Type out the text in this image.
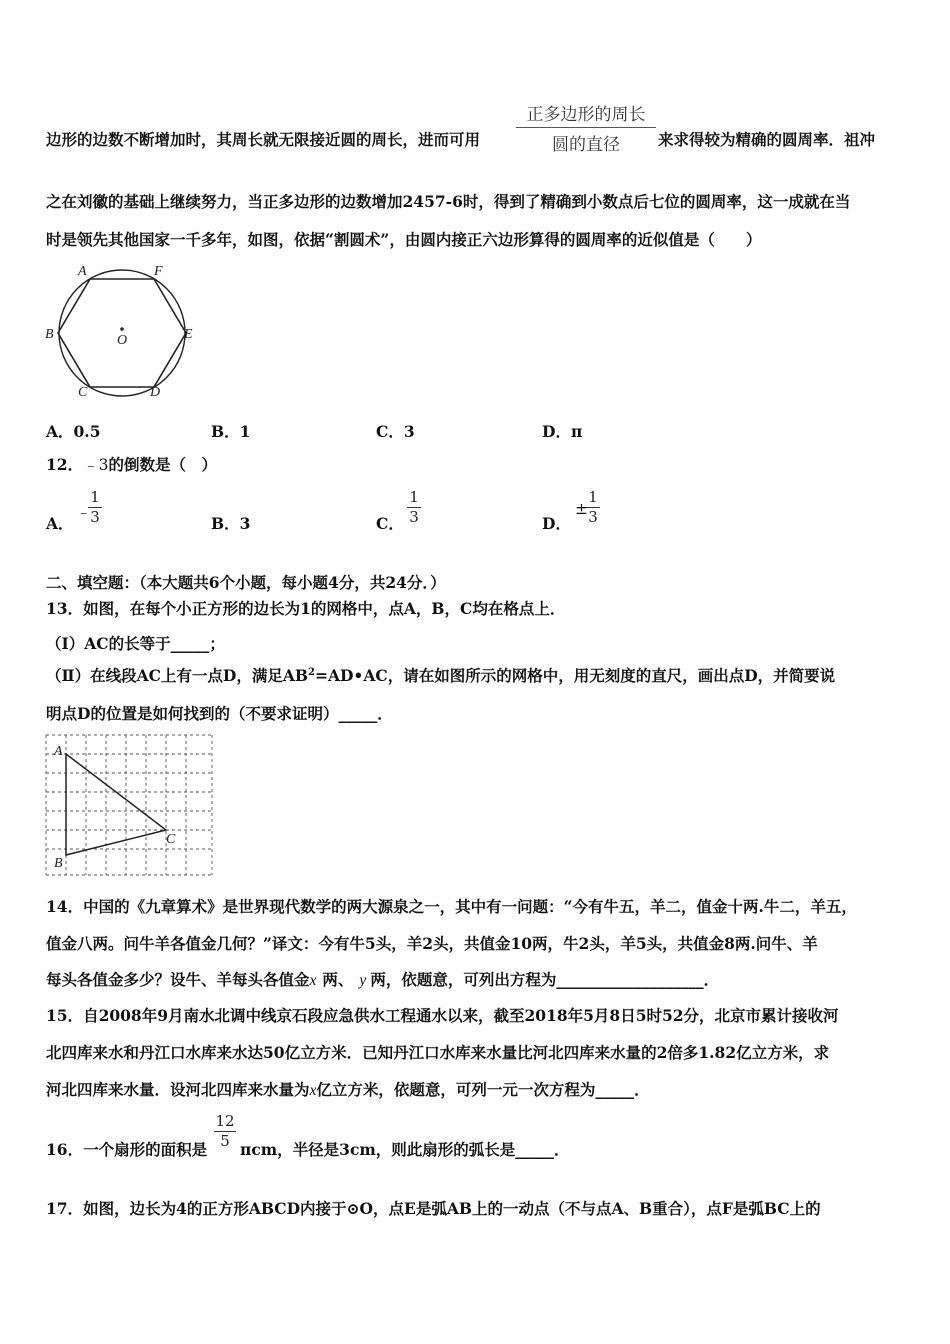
正多边形的周长
圆的直径
边形的边数不断增加时，其周长就无限接近圆的周长，进而可用	来求得较为精确的圆周率．祖冲
之在刘徽的基础上继续努力，当正多边形的边数增加2457-6时，得到了精确到小数点后七位的圆周率，这一成就在当
时是领先其他国家一千多年，如图，依据“割圆术”，由圆内接正六边形算得的圆周率的近似值是（　　）
A	F
B	E
O
C	D
A．0.5	B．1	C．3	D．π
12．﹣3的倒数是（　）
A．
﹣
$\frac{1}{3}$	B．3	C． $\frac{1}{3}$	D．
±
$\frac{1}{3}$
二、填空题：（本大题共6个小题，每小题4分，共24分．）
13．如图，在每个小正方形的边长为1的网格中，点A，B，C均在格点上．
（Ⅰ）AC的长等于_____；
（Ⅱ）在线段AC上有一点D，满足$AB^2=AD•AC$，请在如图所示的网格中，用无刻度的直尺，画出点D，并简要说
明点D的位置是如何找到的（不要求证明）_____．
A
B
C
14．中国的《九章算术》是世界现代数学的两大源泉之一，其中有一问题：“今有牛五，羊二，值金十两.牛二，羊五，
值金八两。问牛羊各值金几何？”译文：今有牛5头，羊2头，共值金10两，牛2头，羊5头，共值金8两.问牛、羊
每头各值金多少？设牛、羊每头各值金x 两、 y 两，依题意，可列出方程为___________________．
15．自2008年9月南水北调中线京石段应急供水工程通水以来，截至2018年5月8日5时52分，北京市累计接收河
北四库来水和丹江口水库来水达50亿立方米．已知丹江口水库来水量比河北四库来水量的2倍多1.82亿立方米，求
河北四库来水量．设河北四库来水量为x亿立方米，依题意，可列一元一次方程为_____．
16．一个扇形的面积是 $\frac{12}{5}$ πcm，半径是3cm，则此扇形的弧长是_____．
17．如图，边长为4的正方形ABCD内接于⊙O，点E是弧AB上的一动点（不与点A、B重合），点F是弧BC上的
